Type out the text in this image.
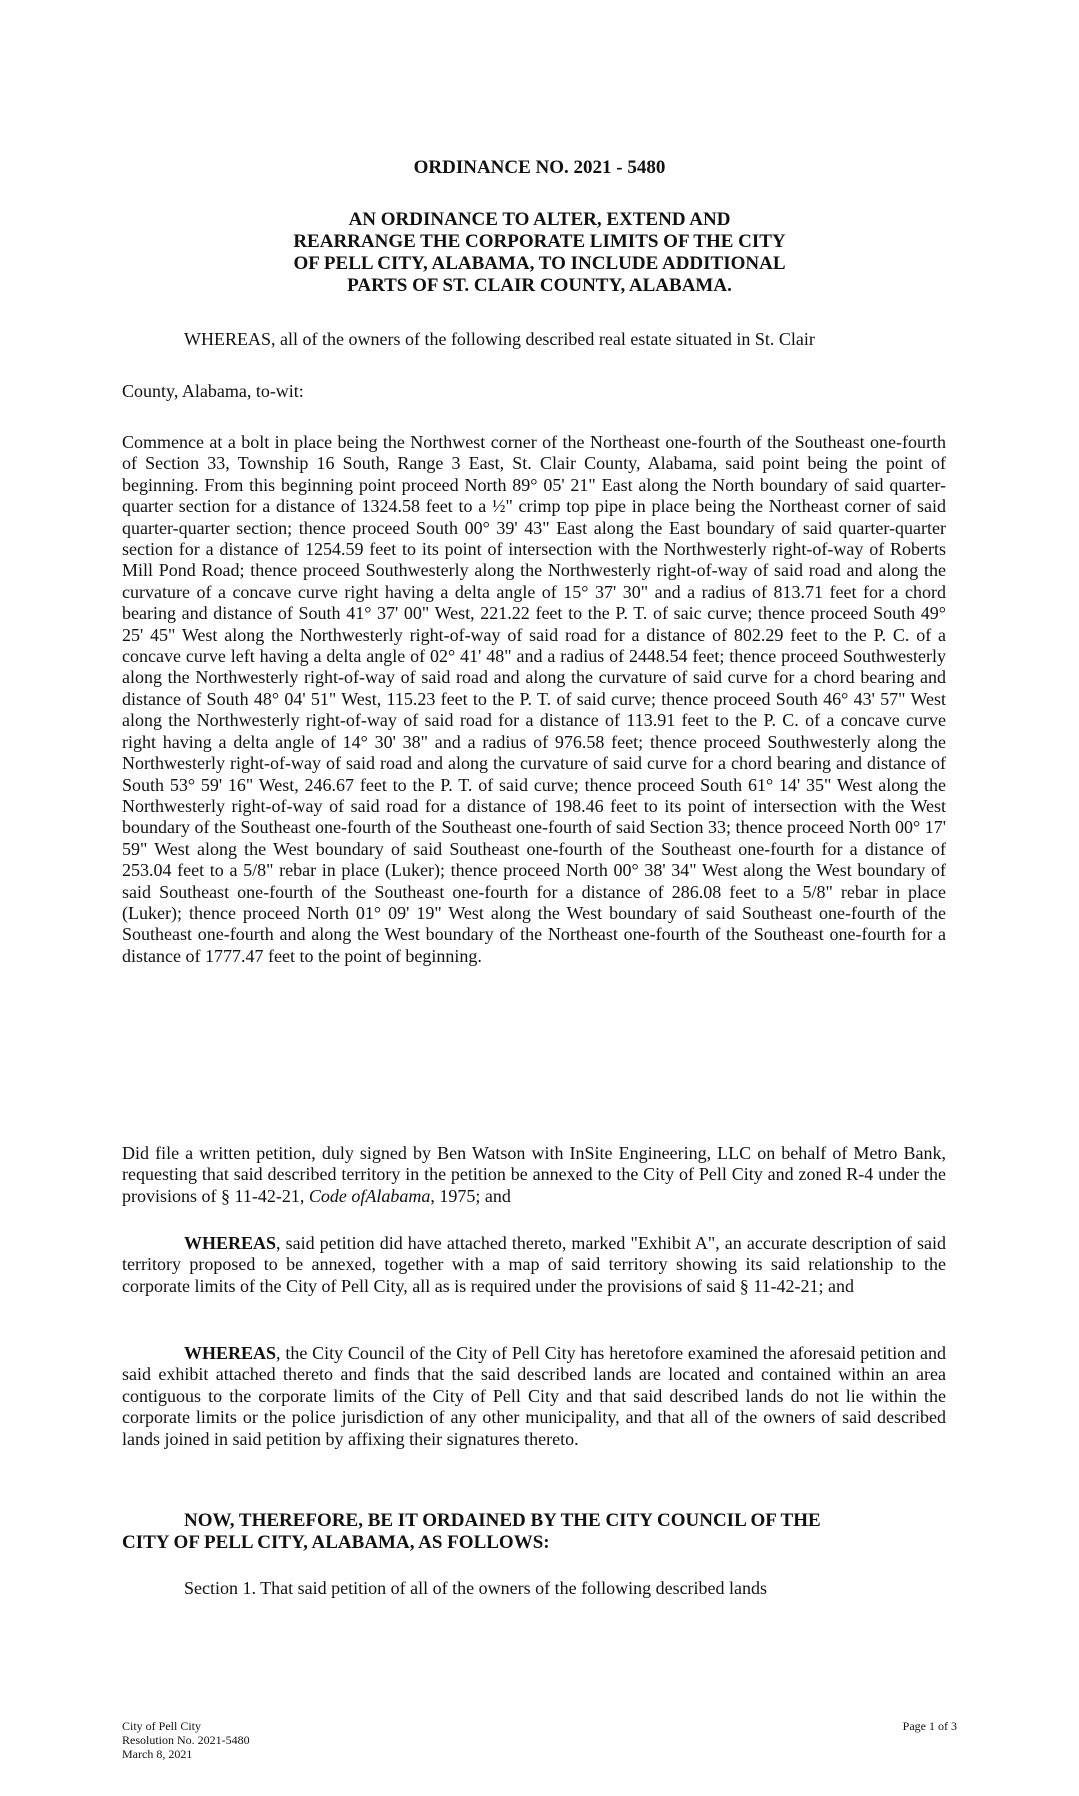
ORDINANCE NO. 2021 - 5480

AN ORDINANCE TO ALTER, EXTEND AND
REARRANGE THE CORPORATE LIMITS OF THE CITY
OF PELL CITY, ALABAMA, TO INCLUDE ADDITIONAL
PARTS OF ST. CLAIR COUNTY, ALABAMA.

WHEREAS, all of the owners of the following described real estate situated in St. Clair

County, Alabama, to-wit:

Commence at a bolt in place being the Northwest corner of the Northeast one-fourth of the Southeast one-fourth of Section 33, Township 16 South, Range 3 East, St. Clair County, Alabama, said point being the point of beginning. From this beginning point proceed North 89° 05' 21" East along the North boundary of said quarter-quarter section for a distance of 1324.58 feet to a ½" crimp top pipe in place being the Northeast corner of said quarter-quarter section; thence proceed South 00° 39' 43" East along the East boundary of said quarter-quarter section for a distance of 1254.59 feet to its point of intersection with the Northwesterly right-of-way of Roberts Mill Pond Road; thence proceed Southwesterly along the Northwesterly right-of-way of said road and along the curvature of a concave curve right having a delta angle of 15° 37' 30" and a radius of 813.71 feet for a chord bearing and distance of South 41° 37' 00" West, 221.22 feet to the P. T. of saic curve; thence proceed South 49° 25' 45" West along the Northwesterly right-of-way of said road for a distance of 802.29 feet to the P. C. of a concave curve left having a delta angle of 02° 41' 48" and a radius of 2448.54 feet; thence proceed Southwesterly along the Northwesterly right-of-way of said road and along the curvature of said curve for a chord bearing and distance of South 48° 04' 51" West, 115.23 feet to the P. T. of said curve; thence proceed South 46° 43' 57" West along the Northwesterly right-of-way of said road for a distance of 113.91 feet to the P. C. of a concave curve right having a delta angle of 14° 30' 38" and a radius of 976.58 feet; thence proceed Southwesterly along the Northwesterly right-of-way of said road and along the curvature of said curve for a chord bearing and distance of South 53° 59' 16" West, 246.67 feet to the P. T. of said curve; thence proceed South 61° 14' 35" West along the Northwesterly right-of-way of said road for a distance of 198.46 feet to its point of intersection with the West boundary of the Southeast one-fourth of the Southeast one-fourth of said Section 33; thence proceed North 00° 17' 59" West along the West boundary of said Southeast one-fourth of the Southeast one-fourth for a distance of 253.04 feet to a 5/8" rebar in place (Luker); thence proceed North 00° 38' 34" West along the West boundary of said Southeast one-fourth of the Southeast one-fourth for a distance of 286.08 feet to a 5/8" rebar in place (Luker); thence proceed North 01° 09' 19" West along the West boundary of said Southeast one-fourth of the Southeast one-fourth and along the West boundary of the Northeast one-fourth of the Southeast one-fourth for a distance of 1777.47 feet to the point of beginning.

Did file a written petition, duly signed by Ben Watson with InSite Engineering, LLC on behalf of Metro Bank, requesting that said described territory in the petition be annexed to the City of Pell City and zoned R-4 under the provisions of § 11-42-21, Code ofAlabama, 1975; and

WHEREAS, said petition did have attached thereto, marked "Exhibit A", an accurate description of said territory proposed to be annexed, together with a map of said territory showing its said relationship to the corporate limits of the City of Pell City, all as is required under the provisions of said § 11-42-21; and

WHEREAS, the City Council of the City of Pell City has heretofore examined the aforesaid petition and said exhibit attached thereto and finds that the said described lands are located and contained within an area contiguous to the corporate limits of the City of Pell City and that said described lands do not lie within the corporate limits or the police jurisdiction of any other municipality, and that all of the owners of said described lands joined in said petition by affixing their signatures thereto.

NOW, THEREFORE, BE IT ORDAINED BY THE CITY COUNCIL OF THE
CITY OF PELL CITY, ALABAMA, AS FOLLOWS:

Section 1. That said petition of all of the owners of the following described lands

City of Pell City
Resolution No. 2021-5480
March 8, 2021
Page 1 of 3
